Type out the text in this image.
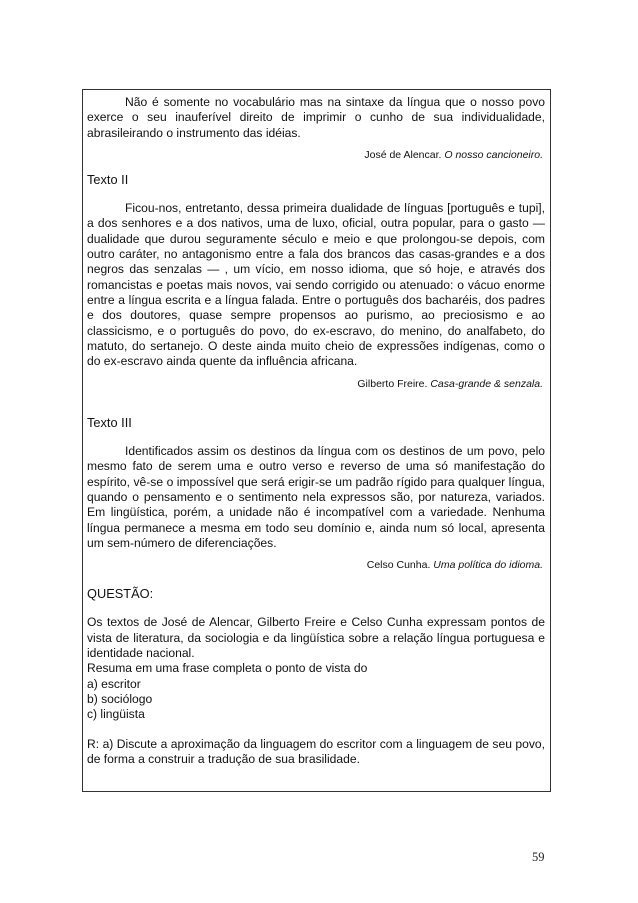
Não é somente no vocabulário mas na sintaxe da língua que o nosso povo exerce o seu inauferível direito de imprimir o cunho de sua individualidade, abrasileirando o instrumento das idéias.

José de Alencar. O nosso cancioneiro.

Texto II

Ficou-nos, entretanto, dessa primeira dualidade de línguas [português e tupi], a dos senhores e a dos nativos, uma de luxo, oficial, outra popular, para o gasto — dualidade que durou seguramente século e meio e que prolongou-se depois, com outro caráter, no antagonismo entre a fala dos brancos das casas-grandes e a dos negros das senzalas — , um vício, em nosso idioma, que só hoje, e através dos romancistas e poetas mais novos, vai sendo corrigido ou atenuado: o vácuo enorme entre a língua escrita e a língua falada. Entre o português dos bacharéis, dos padres e dos doutores, quase sempre propensos ao purismo, ao preciosismo e ao classicismo, e o português do povo, do ex-escravo, do menino, do analfabeto, do matuto, do sertanejo. O deste ainda muito cheio de expressões indígenas, como o do ex-escravo ainda quente da influência africana.

Gilberto Freire. Casa-grande & senzala.

Texto III

Identificados assim os destinos da língua com os destinos de um povo, pelo mesmo fato de serem uma e outro verso e reverso de uma só manifestação do espírito, vê-se o impossível que será erigir-se um padrão rígido para qualquer língua, quando o pensamento e o sentimento nela expressos são, por natureza, variados. Em lingüística, porém, a unidade não é incompatível com a variedade. Nenhuma língua permanece a mesma em todo seu domínio e, ainda num só local, apresenta um sem-número de diferenciações.

Celso Cunha. Uma política do idioma.

QUESTÃO:

Os textos de José de Alencar, Gilberto Freire e Celso Cunha expressam pontos de vista de literatura, da sociologia e da lingüística sobre a relação língua portuguesa e identidade nacional.

Resuma em uma frase completa o ponto de vista do

a) escritor

b) sociólogo

c) lingüista

R: a) Discute a aproximação da linguagem do escritor com a linguagem de seu povo, de forma a construir a tradução de sua brasilidade.

59
